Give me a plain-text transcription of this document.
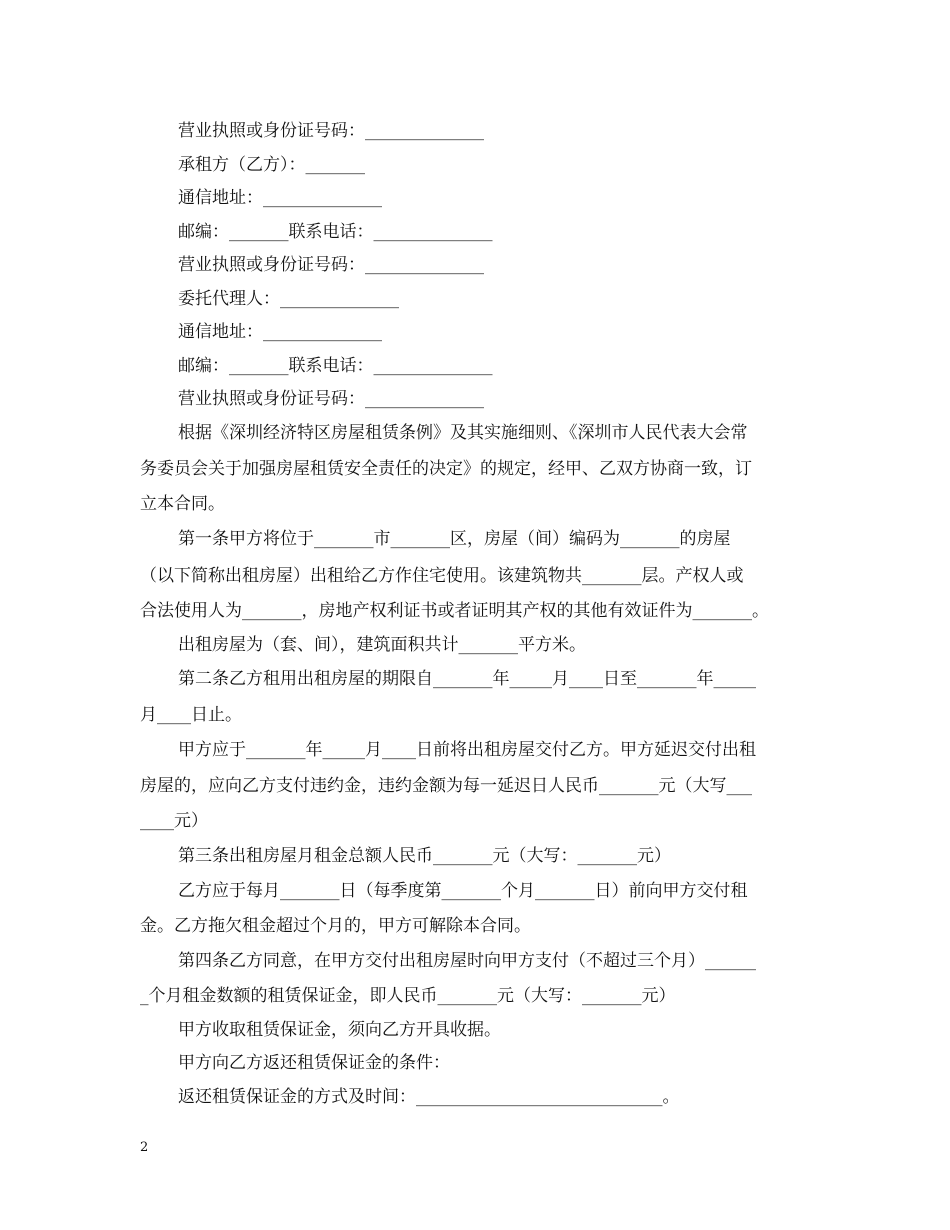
营业执照或身份证号码：______________
承租方（乙方）：_______
通信地址：______________
邮编：_______联系电话：______________
营业执照或身份证号码：______________
委托代理人：______________
通信地址：______________
邮编：_______联系电话：______________
营业执照或身份证号码：______________
根据《深圳经济特区房屋租赁条例》及其实施细则、《深圳市人民代表大会常
务委员会关于加强房屋租赁安全责任的决定》的规定，经甲、乙双方协商一致，订
立本合同。
第一条甲方将位于_______市_______区，房屋（间）编码为_______的房屋
（以下简称出租房屋）出租给乙方作住宅使用。该建筑物共_______层。产权人或
合法使用人为_______，房地产权利证书或者证明其产权的其他有效证件为_______。
出租房屋为（套、间），建筑面积共计_______平方米。
第二条乙方租用出租房屋的期限自_______年_____月____日至_______年_____
月____日止。
甲方应于_______年_____月____日前将出租房屋交付乙方。甲方延迟交付出租
房屋的，应向乙方支付违约金，违约金额为每一延迟日人民币_______元（大写___
____元）
第三条出租房屋月租金总额人民币_______元（大写：_______元）
乙方应于每月_______日（每季度第_______个月_______日）前向甲方交付租
金。乙方拖欠租金超过个月的，甲方可解除本合同。
第四条乙方同意，在甲方交付出租房屋时向甲方支付（不超过三个月）______
_个月租金数额的租赁保证金，即人民币_______元（大写：_______元）
甲方收取租赁保证金，须向乙方开具收据。
甲方向乙方返还租赁保证金的条件：
返还租赁保证金的方式及时间：_____________________________。
2
